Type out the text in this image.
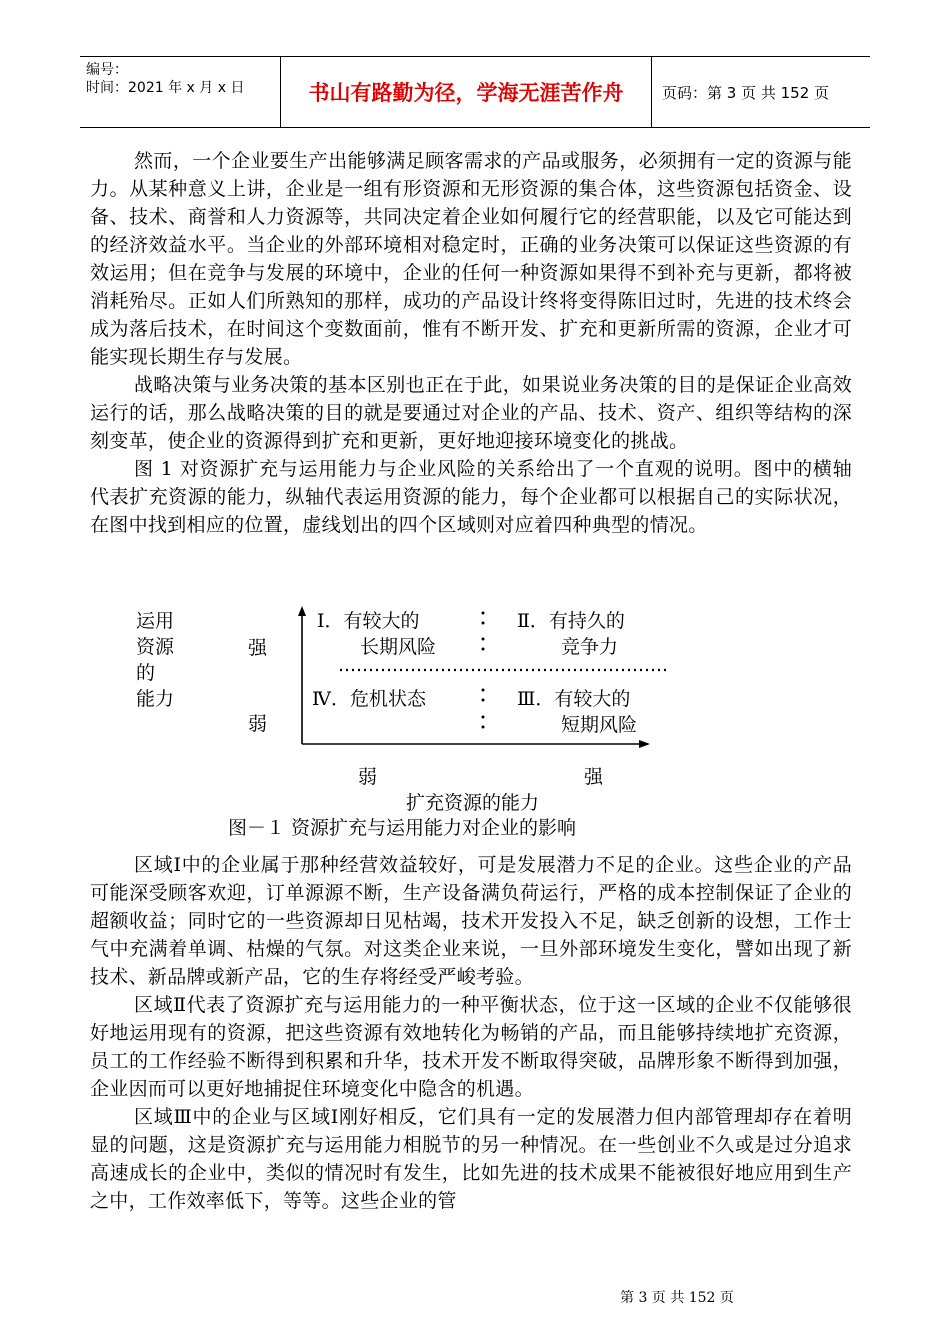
编号：
时间：2021 年 x 月 x 日	书山有路勤为径，学海无涯苦作舟	页码：第 3 页 共 152 页

然而，一个企业要生产出能够满足顾客需求的产品或服务，必须拥有一定的资源与能力。从某种意义上讲，企业是一组有形资源和无形资源的集合体，这些资源包括资金、设备、技术、商誉和人力资源等，共同决定着企业如何履行它的经营职能，以及它可能达到的经济效益水平。当企业的外部环境相对稳定时，正确的业务决策可以保证这些资源的有效运用；但在竞争与发展的环境中，企业的任何一种资源如果得不到补充与更新，都将被消耗殆尽。正如人们所熟知的那样，成功的产品设计终将变得陈旧过时，先进的技术终会成为落后技术，在时间这个变数面前，惟有不断开发、扩充和更新所需的资源，企业才可能实现长期生存与发展。

战略决策与业务决策的基本区别也正在于此，如果说业务决策的目的是保证企业高效运行的话，那么战略决策的目的就是要通过对企业的产品、技术、资产、组织等结构的深刻变革，使企业的资源得到扩充和更新，更好地迎接环境变化的挑战。

图 1 对资源扩充与运用能力与企业风险的关系给出了一个直观的说明。图中的横轴代表扩充资源的能力，纵轴代表运用资源的能力，每个企业都可以根据自己的实际状况，在图中找到相应的位置，虚线划出的四个区域则对应着四种典型的情况。

运用
资源
的
能力
强
弱
Ⅰ．有较大的
长期风险
Ⅱ．有持久的
竞争力
Ⅳ．危机状态	Ⅲ．有较大的
短期风险
弱	强
扩充资源的能力
图－１ 资源扩充与运用能力对企业的影响

区域Ⅰ中的企业属于那种经营效益较好，可是发展潜力不足的企业。这些企业的产品可能深受顾客欢迎，订单源源不断，生产设备满负荷运行，严格的成本控制保证了企业的超额收益；同时它的一些资源却日见枯竭，技术开发投入不足，缺乏创新的设想，工作士气中充满着单调、枯燥的气氛。对这类企业来说，一旦外部环境发生变化，譬如出现了新技术、新品牌或新产品，它的生存将经受严峻考验。

区域Ⅱ代表了资源扩充与运用能力的一种平衡状态，位于这一区域的企业不仅能够很好地运用现有的资源，把这些资源有效地转化为畅销的产品，而且能够持续地扩充资源，员工的工作经验不断得到积累和升华，技术开发不断取得突破，品牌形象不断得到加强，企业因而可以更好地捕捉住环境变化中隐含的机遇。

区域Ⅲ中的企业与区域Ⅰ刚好相反，它们具有一定的发展潜力但内部管理却存在着明显的问题，这是资源扩充与运用能力相脱节的另一种情况。在一些创业不久或是过分追求高速成长的企业中，类似的情况时有发生，比如先进的技术成果不能被很好地应用到生产之中，工作效率低下，等等。这些企业的管

第 3 页 共 152 页
